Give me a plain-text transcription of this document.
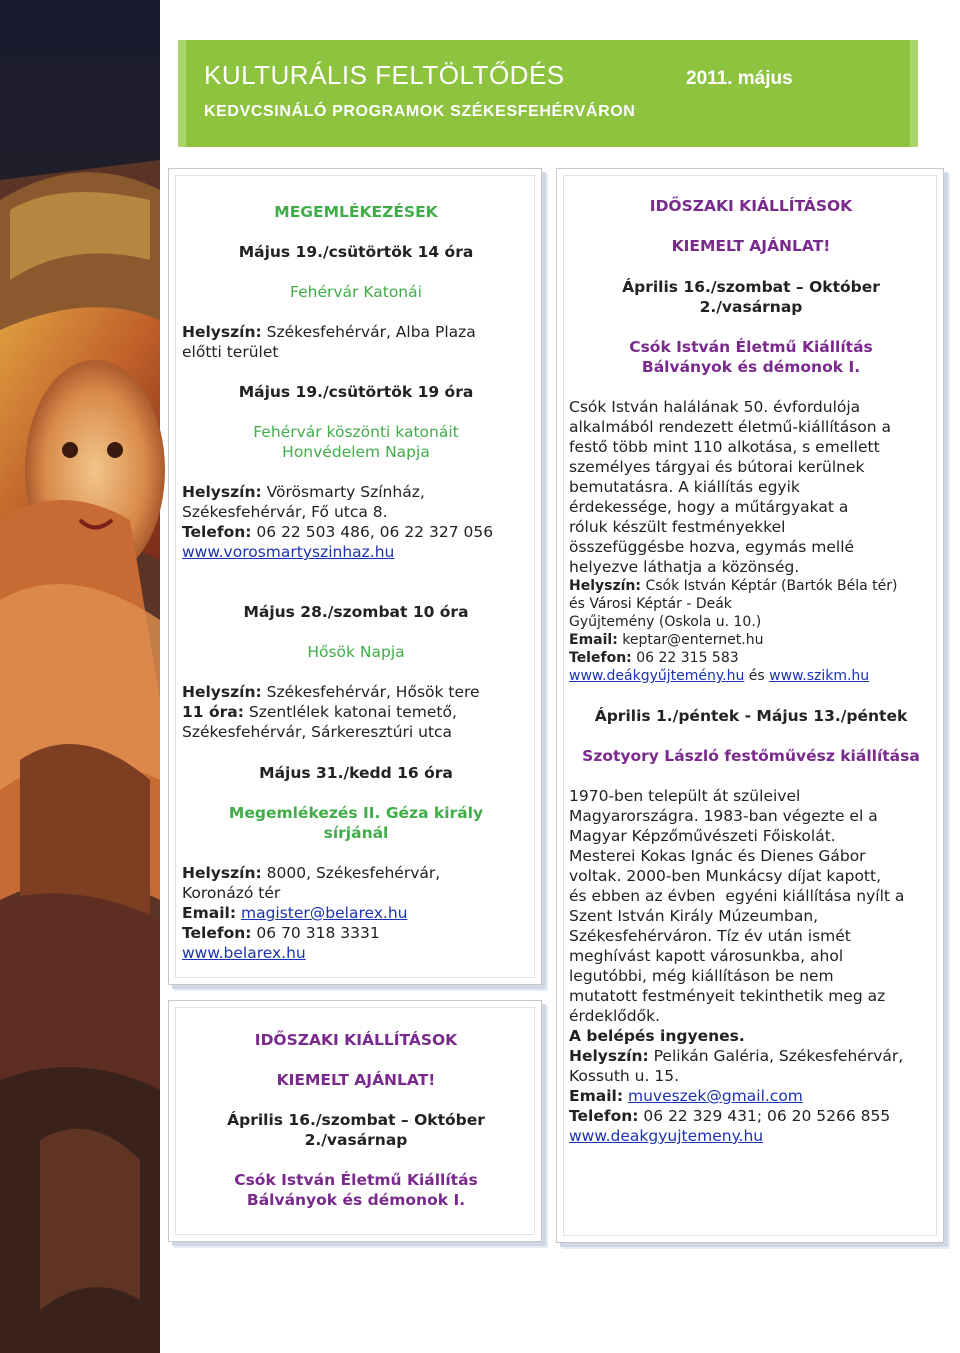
KULTURÁLIS FELTÖLTŐDÉS
KEDVCSINÁLÓ PROGRAMOK SZÉKESFEHÉRVÁRON
2011. május
MEGEMLÉKEZÉSEK
Május 19./csütörtök 14 óra
Fehérvár Katonái
Helyszín: Székesfehérvár, Alba Plaza
előtti terület
Május 19./csütörtök 19 óra
Fehérvár köszönti katonáit
Honvédelem Napja
Helyszín: Vörösmarty Színház,
Székesfehérvár, Fő utca 8.
Telefon: 06 22 503 486, 06 22 327 056
www.vorosmartyszinhaz.hu
Május 28./szombat 10 óra
Hősök Napja
Helyszín: Székesfehérvár, Hősök tere
11 óra: Szentlélek katonai temető,
Székesfehérvár, Sárkeresztúri utca
Május 31./kedd 16 óra
Megemlékezés II. Géza király
sírjánál
Helyszín: 8000, Székesfehérvár,
Koronázó tér
Email: magister@belarex.hu
Telefon: 06 70 318 3331
www.belarex.hu
IDŐSZAKI KIÁLLÍTÁSOK
KIEMELT AJÁNLAT!
Április 16./szombat – Október
2./vasárnap
Csók István Életmű Kiállítás
Bálványok és démonok I.
IDŐSZAKI KIÁLLÍTÁSOK
KIEMELT AJÁNLAT!
Április 16./szombat – Október
2./vasárnap
Csók István Életmű Kiállítás
Bálványok és démonok I.
Csók István halálának 50. évfordulója
alkalmából rendezett életmű-kiállításon a
festő több mint 110 alkotása, s emellett
személyes tárgyai és bútorai kerülnek
bemutatásra. A kiállítás egyik
érdekessége, hogy a műtárgyakat a
róluk készült festményekkel
összefüggésbe hozva, egymás mellé
helyezve láthatja a közönség.
Helyszín: Csók István Képtár (Bartók Béla tér)
és Városi Képtár - Deák
Gyűjtemény (Oskola u. 10.)
Email: keptar@enternet.hu
Telefon: 06 22 315 583
www.deákgyűjtemény.hu és www.szikm.hu
Április 1./péntek - Május 13./péntek
Szotyory László festőművész kiállítása
1970-ben települt át szüleivel
Magyarországra. 1983-ban végezte el a
Magyar Képzőművészeti Főiskolát.
Mesterei Kokas Ignác és Dienes Gábor
voltak. 2000-ben Munkácsy díjat kapott,
és ebben az évben  egyéni kiállítása nyílt a
Szent István Király Múzeumban,
Székesfehérváron. Tíz év után ismét
meghívást kapott városunkba, ahol
legutóbbi, még kiállításon be nem
mutatott festményeit tekinthetik meg az
érdeklődők.
A belépés ingyenes.
Helyszín: Pelikán Galéria, Székesfehérvár,
Kossuth u. 15.
Email: muveszek@gmail.com
Telefon: 06 22 329 431; 06 20 5266 855
www.deakgyujtemeny.hu
